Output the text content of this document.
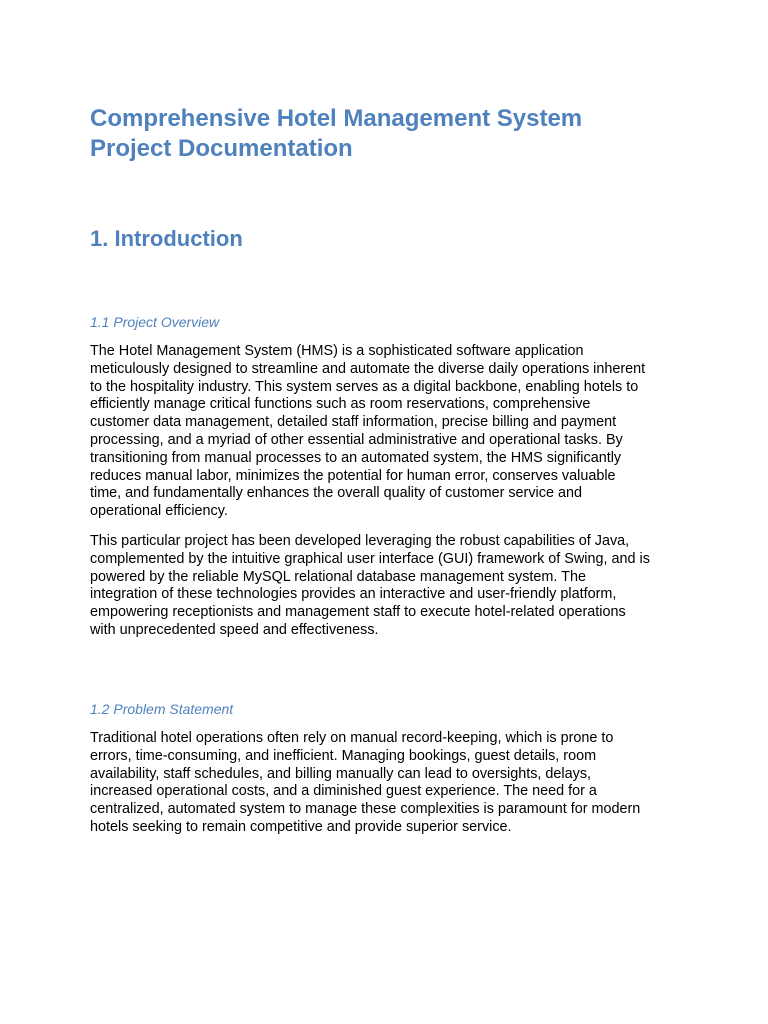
Comprehensive Hotel Management System
Project Documentation
1. Introduction
1.1 Project Overview

The Hotel Management System (HMS) is a sophisticated software application
meticulously designed to streamline and automate the diverse daily operations inherent
to the hospitality industry. This system serves as a digital backbone, enabling hotels to
efficiently manage critical functions such as room reservations, comprehensive
customer data management, detailed staff information, precise billing and payment
processing, and a myriad of other essential administrative and operational tasks. By
transitioning from manual processes to an automated system, the HMS significantly
reduces manual labor, minimizes the potential for human error, conserves valuable
time, and fundamentally enhances the overall quality of customer service and
operational efficiency.

This particular project has been developed leveraging the robust capabilities of Java,
complemented by the intuitive graphical user interface (GUI) framework of Swing, and is
powered by the reliable MySQL relational database management system. The
integration of these technologies provides an interactive and user-friendly platform,
empowering receptionists and management staff to execute hotel-related operations
with unprecedented speed and effectiveness.

1.2 Problem Statement

Traditional hotel operations often rely on manual record-keeping, which is prone to
errors, time-consuming, and inefficient. Managing bookings, guest details, room
availability, staff schedules, and billing manually can lead to oversights, delays,
increased operational costs, and a diminished guest experience. The need for a
centralized, automated system to manage these complexities is paramount for modern
hotels seeking to remain competitive and provide superior service.
